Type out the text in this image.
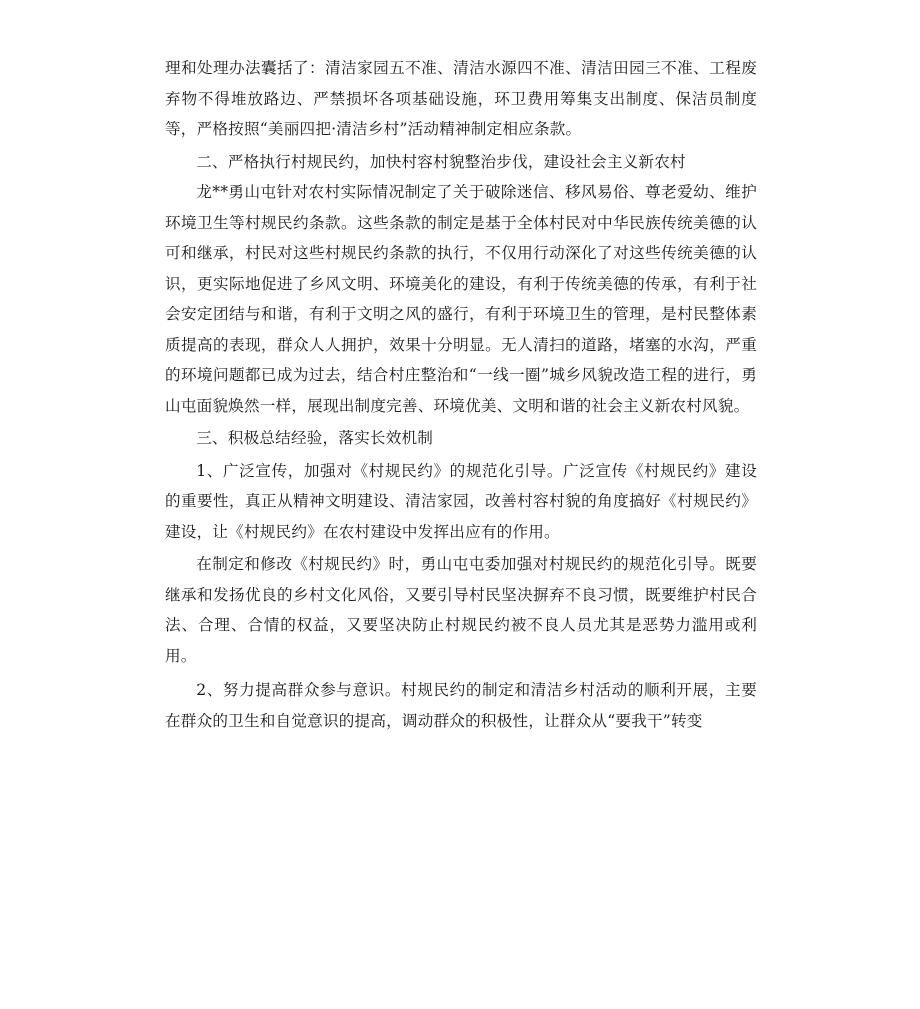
理和处理办法囊括了：清洁家园五不准、清洁水源四不准、清洁田园三不准、工程废弃物不得堆放路边、严禁损坏各项基础设施，环卫费用筹集支出制度、保洁员制度等，严格按照“美丽四把·清洁乡村”活动精神制定相应条款。

二、严格执行村规民约，加快村容村貌整治步伐，建设社会主义新农村

龙**勇山屯针对农村实际情况制定了关于破除迷信、移风易俗、尊老爱幼、维护环境卫生等村规民约条款。这些条款的制定是基于全体村民对中华民族传统美德的认可和继承，村民对这些村规民约条款的执行，不仅用行动深化了对这些传统美德的认识，更实际地促进了乡风文明、环境美化的建设，有利于传统美德的传承，有利于社会安定团结与和谐，有利于文明之风的盛行，有利于环境卫生的管理，是村民整体素质提高的表现，群众人人拥护，效果十分明显。无人清扫的道路，堵塞的水沟，严重的环境问题都已成为过去，结合村庄整治和“一线一圈”城乡风貌改造工程的进行，勇山屯面貌焕然一样，展现出制度完善、环境优美、文明和谐的社会主义新农村风貌。

三、积极总结经验，落实长效机制

1、广泛宣传，加强对《村规民约》的规范化引导。广泛宣传《村规民约》建设的重要性，真正从精神文明建设、清洁家园，改善村容村貌的角度搞好《村规民约》建设，让《村规民约》在农村建设中发挥出应有的作用。

在制定和修改《村规民约》时，勇山屯屯委加强对村规民约的规范化引导。既要继承和发扬优良的乡村文化风俗，又要引导村民坚决摒弃不良习惯，既要维护村民合法、合理、合情的权益，又要坚决防止村规民约被不良人员尤其是恶势力滥用或利用。

2、努力提高群众参与意识。村规民约的制定和清洁乡村活动的顺利开展，主要在群众的卫生和自觉意识的提高，调动群众的积极性，让群众从“要我干”转变
